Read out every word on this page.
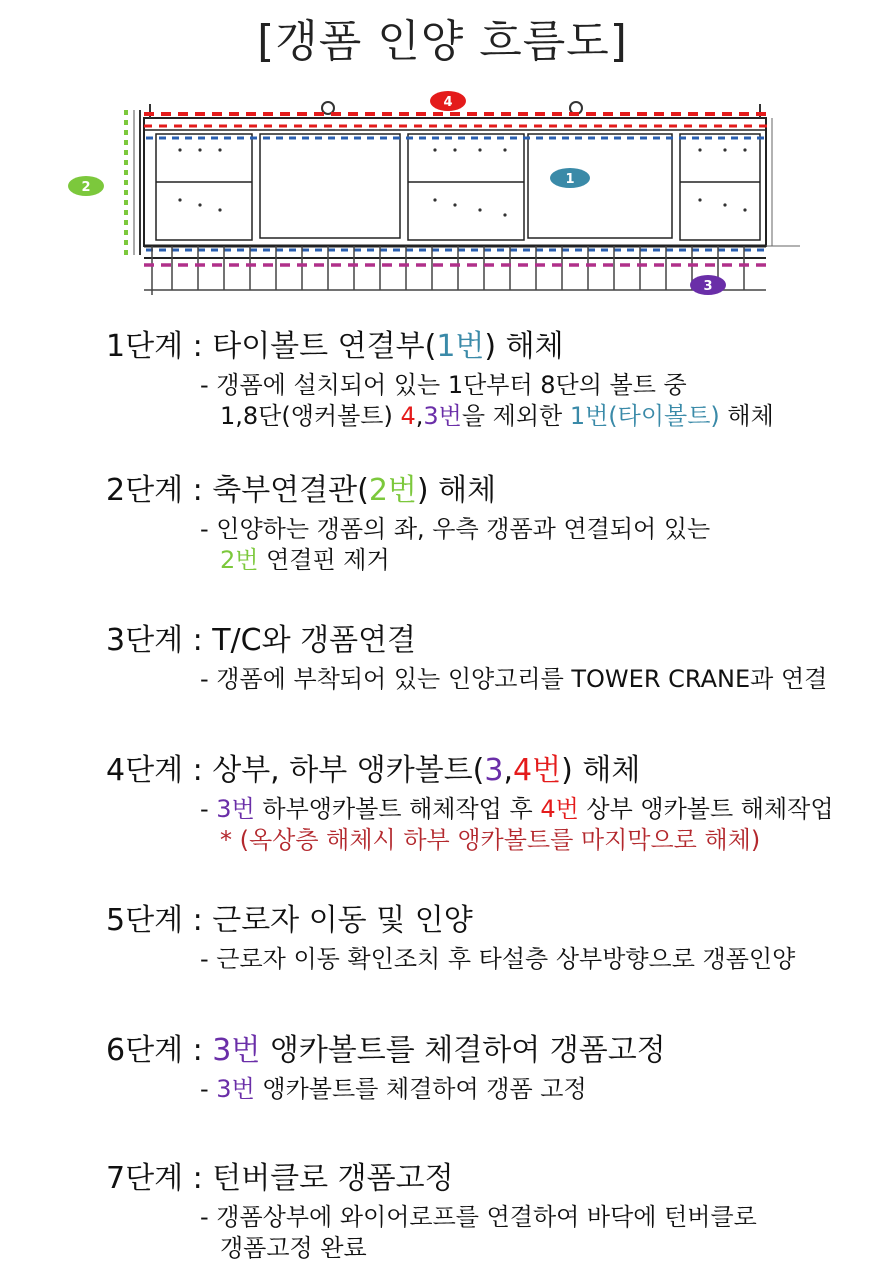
[갱폼 인양 흐름도]
1
2
3
4
1단계 : 타이볼트 연결부(1번) 해체
- 갱폼에 설치되어 있는 1단부터 8단의 볼트 중
1,8단(앵커볼트) 4,3번을 제외한 1번(타이볼트) 해체
2단계 : 축부연결관(2번) 해체
- 인양하는 갱폼의 좌, 우측 갱폼과 연결되어 있는
2번 연결핀 제거
3단계 : T/C와 갱폼연결
- 갱폼에 부착되어 있는 인양고리를 TOWER CRANE과 연결
4단계 : 상부, 하부 앵카볼트(3,4번) 해체
- 3번 하부앵카볼트 해체작업 후 4번 상부 앵카볼트 해체작업
* (옥상층 해체시 하부 앵카볼트를 마지막으로 해체)
5단계 : 근로자 이동 및 인양
- 근로자 이동 확인조치 후 타설층 상부방향으로 갱폼인양
6단계 : 3번 앵카볼트를 체결하여 갱폼고정
- 3번 앵카볼트를 체결하여 갱폼 고정
7단계 : 턴버클로 갱폼고정
- 갱폼상부에 와이어로프를 연결하여 바닥에 턴버클로
갱폼고정 완료
